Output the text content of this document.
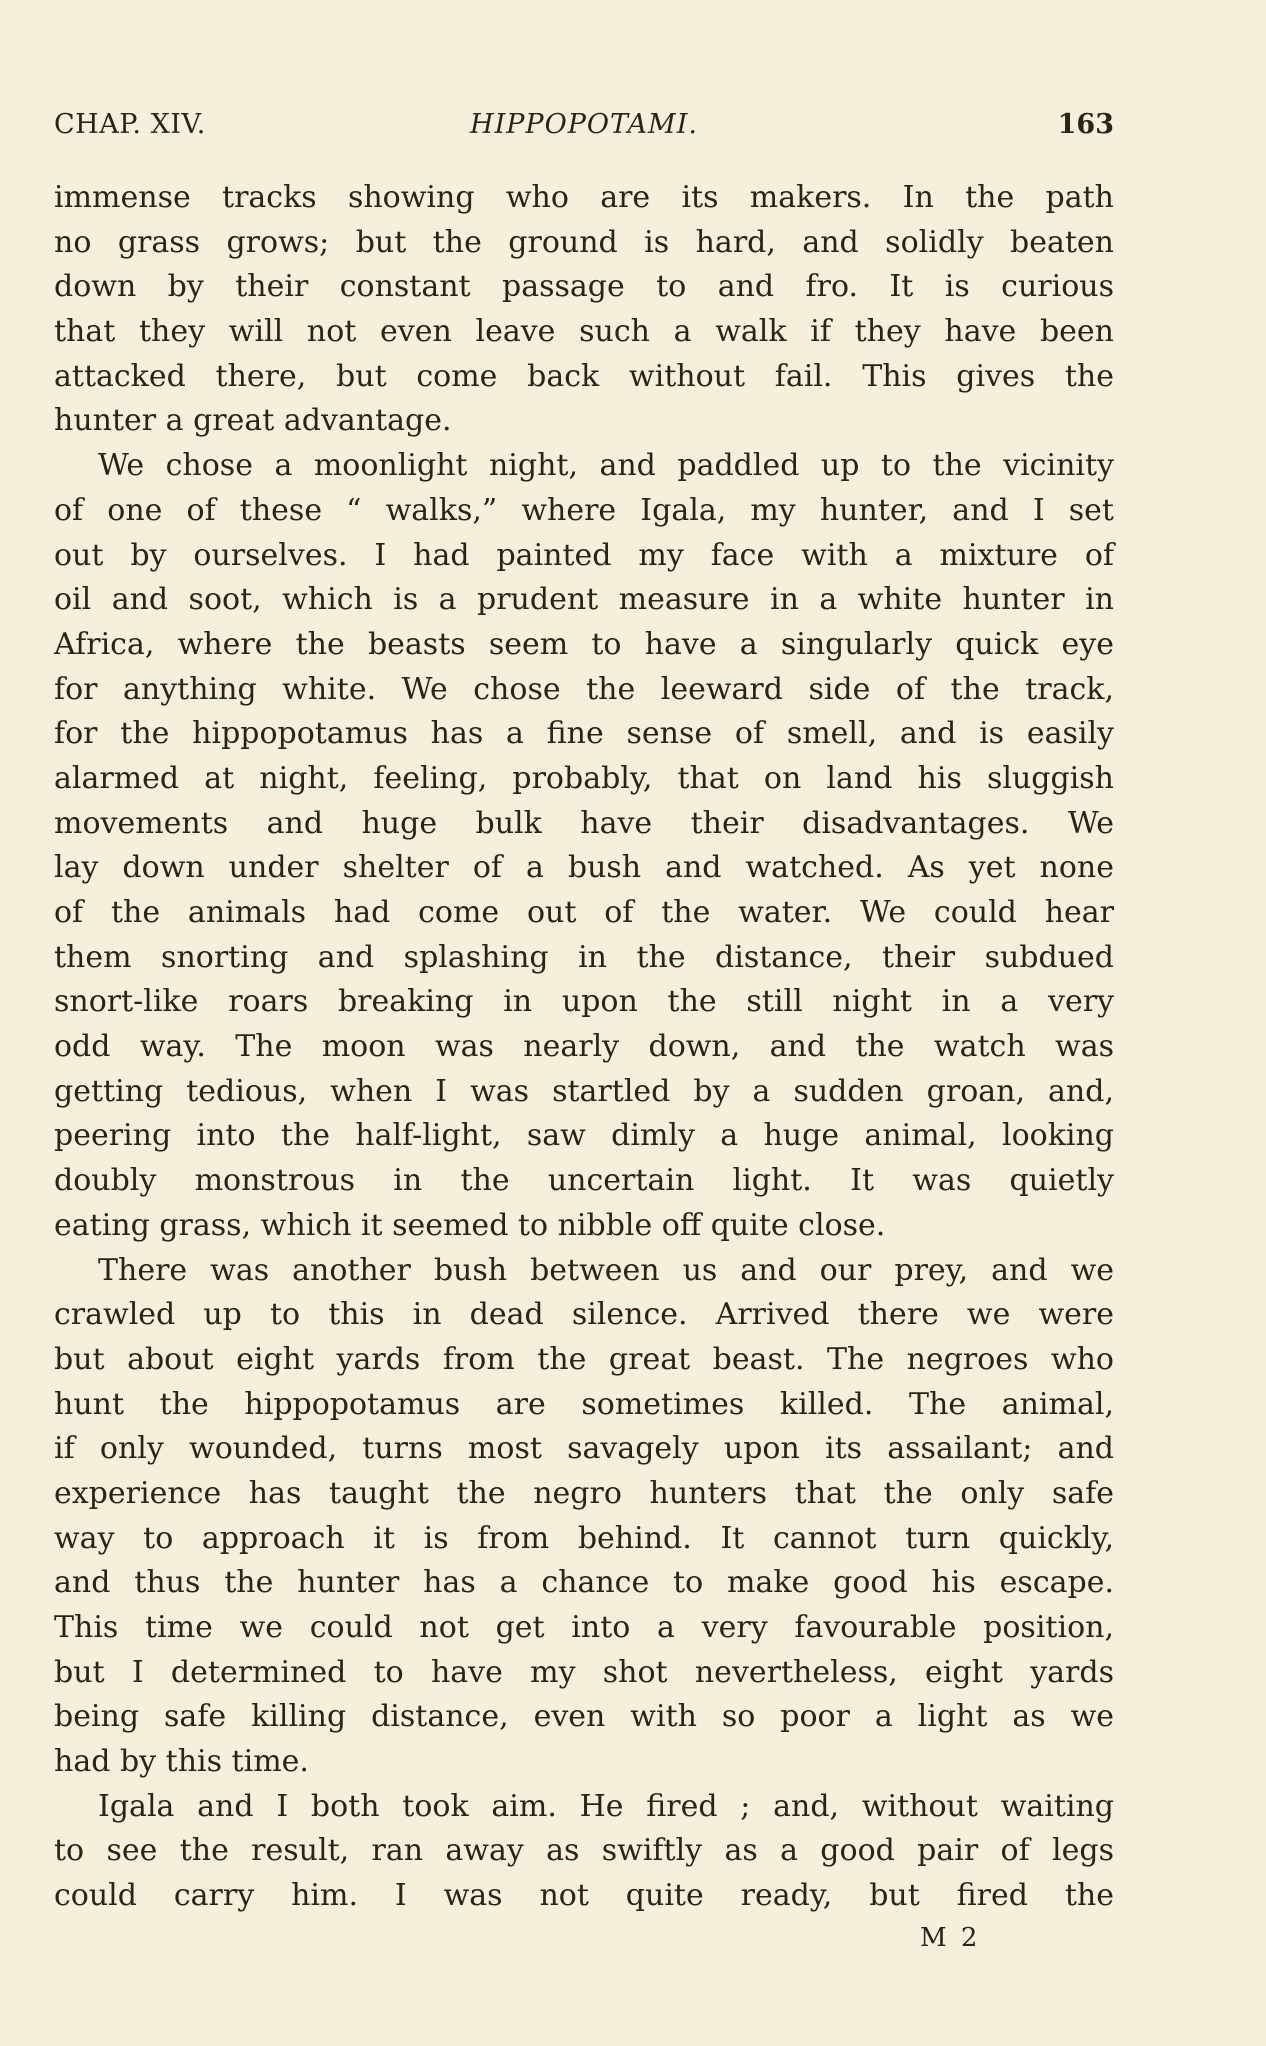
CHAP. XIV.	HIPPOPOTAMI.	163
immense tracks showing who are its makers. In the path
no grass grows; but the ground is hard, and solidly beaten
down by their constant passage to and fro. It is curious
that they will not even leave such a walk if they have been
attacked there, but come back without fail. This gives the
hunter a great advantage.
We chose a moonlight night, and paddled up to the vicinity
of one of these “ walks,” where Igala, my hunter, and I set
out by ourselves. I had painted my face with a mixture of
oil and soot, which is a prudent measure in a white hunter in
Africa, where the beasts seem to have a singularly quick eye
for anything white. We chose the leeward side of the track,
for the hippopotamus has a fine sense of smell, and is easily
alarmed at night, feeling, probably, that on land his sluggish
movements and huge bulk have their disadvantages. We
lay down under shelter of a bush and watched. As yet none
of the animals had come out of the water. We could hear
them snorting and splashing in the distance, their subdued
snort-like roars breaking in upon the still night in a very
odd way. The moon was nearly down, and the watch was
getting tedious, when I was startled by a sudden groan, and,
peering into the half-light, saw dimly a huge animal, looking
doubly monstrous in the uncertain light. It was quietly
eating grass, which it seemed to nibble off quite close.
There was another bush between us and our prey, and we
crawled up to this in dead silence. Arrived there we were
but about eight yards from the great beast. The negroes who
hunt the hippopotamus are sometimes killed. The animal,
if only wounded, turns most savagely upon its assailant; and
experience has taught the negro hunters that the only safe
way to approach it is from behind. It cannot turn quickly,
and thus the hunter has a chance to make good his escape.
This time we could not get into a very favourable position,
but I determined to have my shot nevertheless, eight yards
being safe killing distance, even with so poor a light as we
had by this time.
Igala and I both took aim. He fired ; and, without waiting
to see the result, ran away as swiftly as a good pair of legs
could carry him. I was not quite ready, but fired the
M 2
